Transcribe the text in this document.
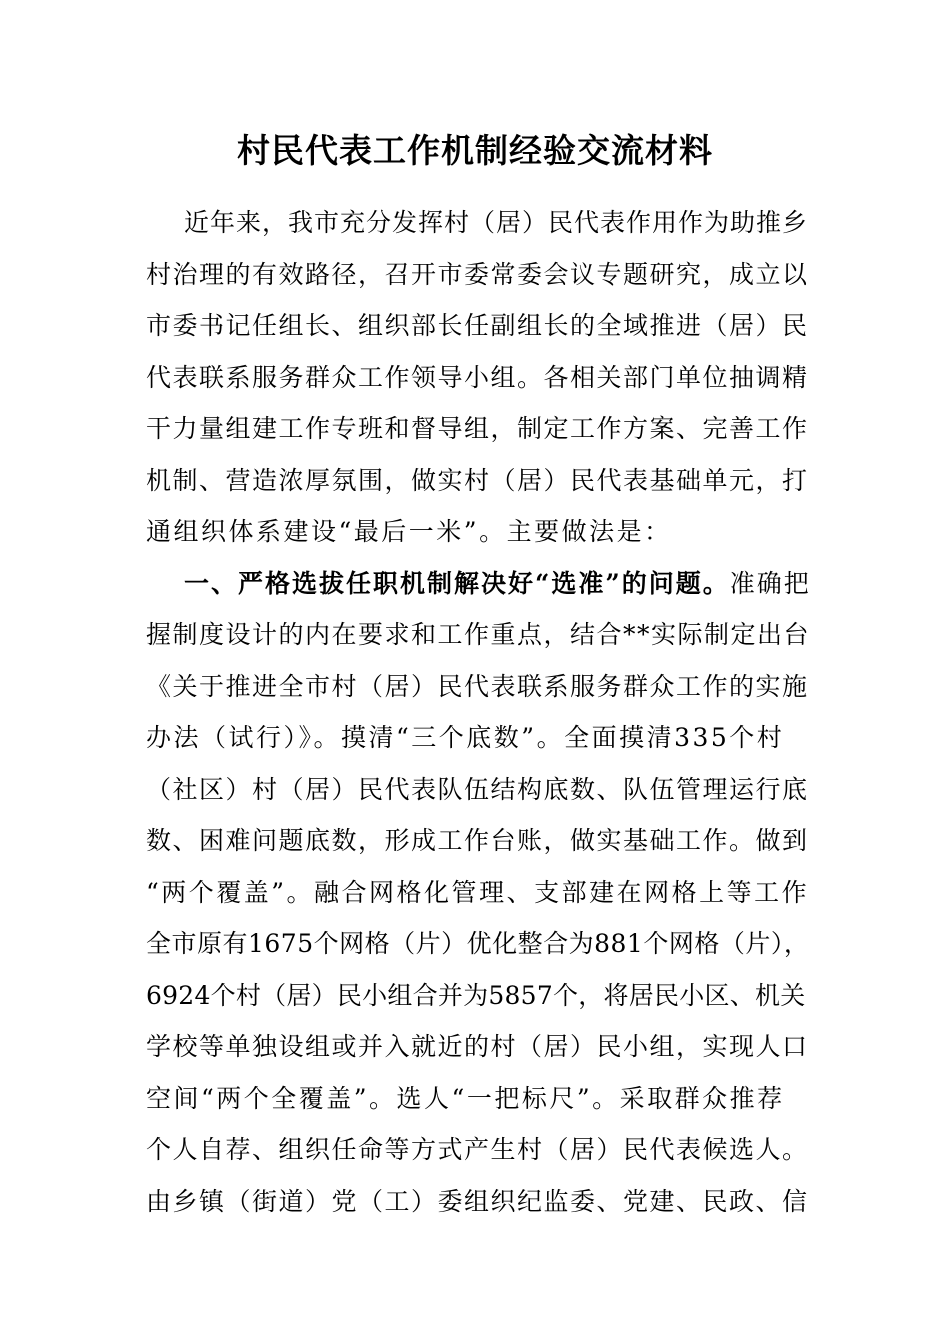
村民代表工作机制经验交流材料
近年来，我市充分发挥村（居）民代表作用作为助推乡
村治理的有效路径，召开市委常委会议专题研究，成立以
市委书记任组长、组织部长任副组长的全域推进（居）民
代表联系服务群众工作领导小组。各相关部门单位抽调精
干力量组建工作专班和督导组，制定工作方案、完善工作
机制、营造浓厚氛围，做实村（居）民代表基础单元，打
通组织体系建设“最后一米”。主要做法是：
一、严格选拔任职机制解决好“选准”的问题。准确把
握制度设计的内在要求和工作重点，结合**实际制定出台
《关于推进全市村（居）民代表联系服务群众工作的实施
办法（试行）》。摸清“三个底数”。全面摸清335个村
（社区）村（居）民代表队伍结构底数、队伍管理运行底
数、困难问题底数，形成工作台账，做实基础工作。做到
“两个覆盖”。融合网格化管理、支部建在网格上等工作
全市原有1675个网格（片）优化整合为881个网格（片），
6924个村（居）民小组合并为5857个，将居民小区、机关
学校等单独设组或并入就近的村（居）民小组，实现人口
空间“两个全覆盖”。选人“一把标尺”。采取群众推荐
个人自荐、组织任命等方式产生村（居）民代表候选人。
由乡镇（街道）党（工）委组织纪监委、党建、民政、信
